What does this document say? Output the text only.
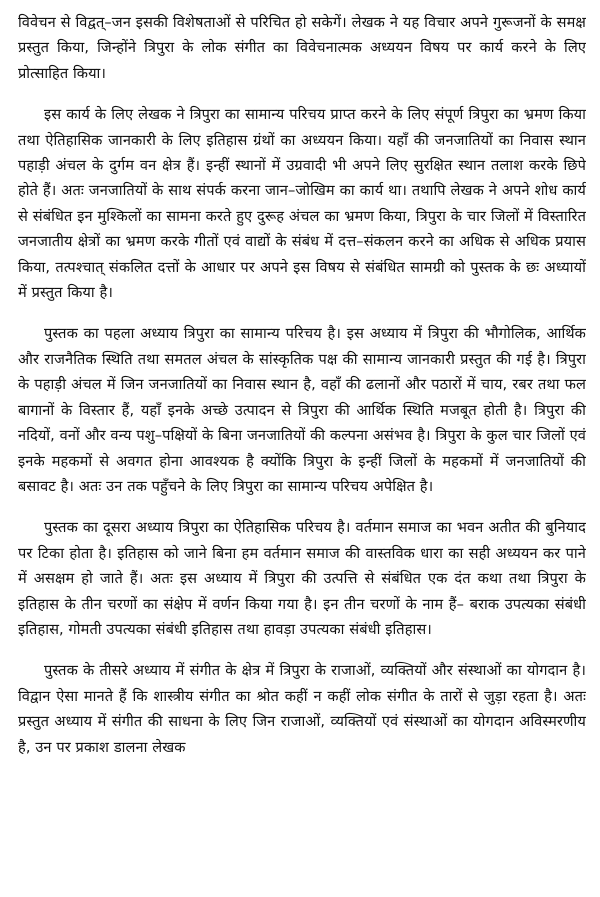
विवेचन से विद्वत्–जन इसकी विशेषताओं से परिचित हो सकेगें। लेखक ने यह विचार अपने गुरूजनों के समक्ष प्रस्तुत किया, जिन्होंने त्रिपुरा के लोक संगीत का विवेचनात्मक अध्ययन विषय पर कार्य करने के लिए प्रोत्साहित किया।

इस कार्य के लिए लेखक ने त्रिपुरा का सामान्य परिचय प्राप्त करने के लिए संपूर्ण त्रिपुरा का भ्रमण किया तथा ऐतिहासिक जानकारी के लिए इतिहास ग्रंथों का अध्ययन किया। यहाँ की जनजातियों का निवास स्थान पहाड़ी अंचल के दुर्गम वन क्षेत्र हैं। इन्हीं स्थानों में उग्रवादी भी अपने लिए सुरक्षित स्थान तलाश करके छिपे होते हैं। अतः जनजातियों के साथ संपर्क करना जान–जोखिम का कार्य था। तथापि लेखक ने अपने शोध कार्य से संबंधित इन मुश्किलों का सामना करते हुए दुरूह अंचल का भ्रमण किया, त्रिपुरा के चार जिलों में विस्तारित जनजातीय क्षेत्रों का भ्रमण करके गीतों एवं वाद्यों के संबंध में दत्त–संकलन करने का अधिक से अधिक प्रयास किया, तत्पश्चात् संकलित दत्तों के आधार पर अपने इस विषय से संबंधित सामग्री को पुस्तक के छः अध्यायों में प्रस्तुत किया है।

पुस्तक का पहला अध्याय त्रिपुरा का सामान्य परिचय है। इस अध्याय में त्रिपुरा की भौगोलिक, आर्थिक और राजनैतिक स्थिति तथा समतल अंचल के सांस्कृतिक पक्ष की सामान्य जानकारी प्रस्तुत की गई है। त्रिपुरा के पहाड़ी अंचल में जिन जनजातियों का निवास स्थान है, वहाँ की ढलानों और पठारों में चाय, रबर तथा फल बागानों के विस्तार हैं, यहाँ इनके अच्छे उत्पादन से त्रिपुरा की आर्थिक स्थिति मजबूत होती है। त्रिपुरा की नदियों, वनों और वन्य पशु–पक्षियों के बिना जनजातियों की कल्पना असंभव है। त्रिपुरा के कुल चार जिलों एवं इनके महकमों से अवगत होना आवश्यक है क्योंकि त्रिपुरा के इन्हीं जिलों के महकमों में जनजातियों की बसावट है। अतः उन तक पहुँचने के लिए त्रिपुरा का सामान्य परिचय अपेक्षित है।

पुस्तक का दूसरा अध्याय त्रिपुरा का ऐतिहासिक परिचय है। वर्तमान समाज का भवन अतीत की बुनियाद पर टिका होता है। इतिहास को जाने बिना हम वर्तमान समाज की वास्तविक धारा का सही अध्ययन कर पाने में असक्षम हो जाते हैं। अतः इस अध्याय में त्रिपुरा की उत्पत्ति से संबंधित एक दंत कथा तथा त्रिपुरा के इतिहास के तीन चरणों का संक्षेप में वर्णन किया गया है। इन तीन चरणों के नाम हैं– बराक उपत्यका संबंधी इतिहास, गोमती उपत्यका संबंधी इतिहास तथा हावड़ा उपत्यका संबंधी इतिहास।

पुस्तक के तीसरे अध्याय में संगीत के क्षेत्र में त्रिपुरा के राजाओं, व्यक्तियों और संस्थाओं का योगदान है। विद्वान ऐसा मानते हैं कि शास्त्रीय संगीत का श्रोत कहीं न कहीं लोक संगीत के तारों से जुड़ा रहता है। अतः प्रस्तुत अध्याय में संगीत की साधना के लिए जिन राजाओं, व्यक्तियों एवं संस्थाओं का योगदान अविस्मरणीय है, उन पर प्रकाश डालना लेखक
